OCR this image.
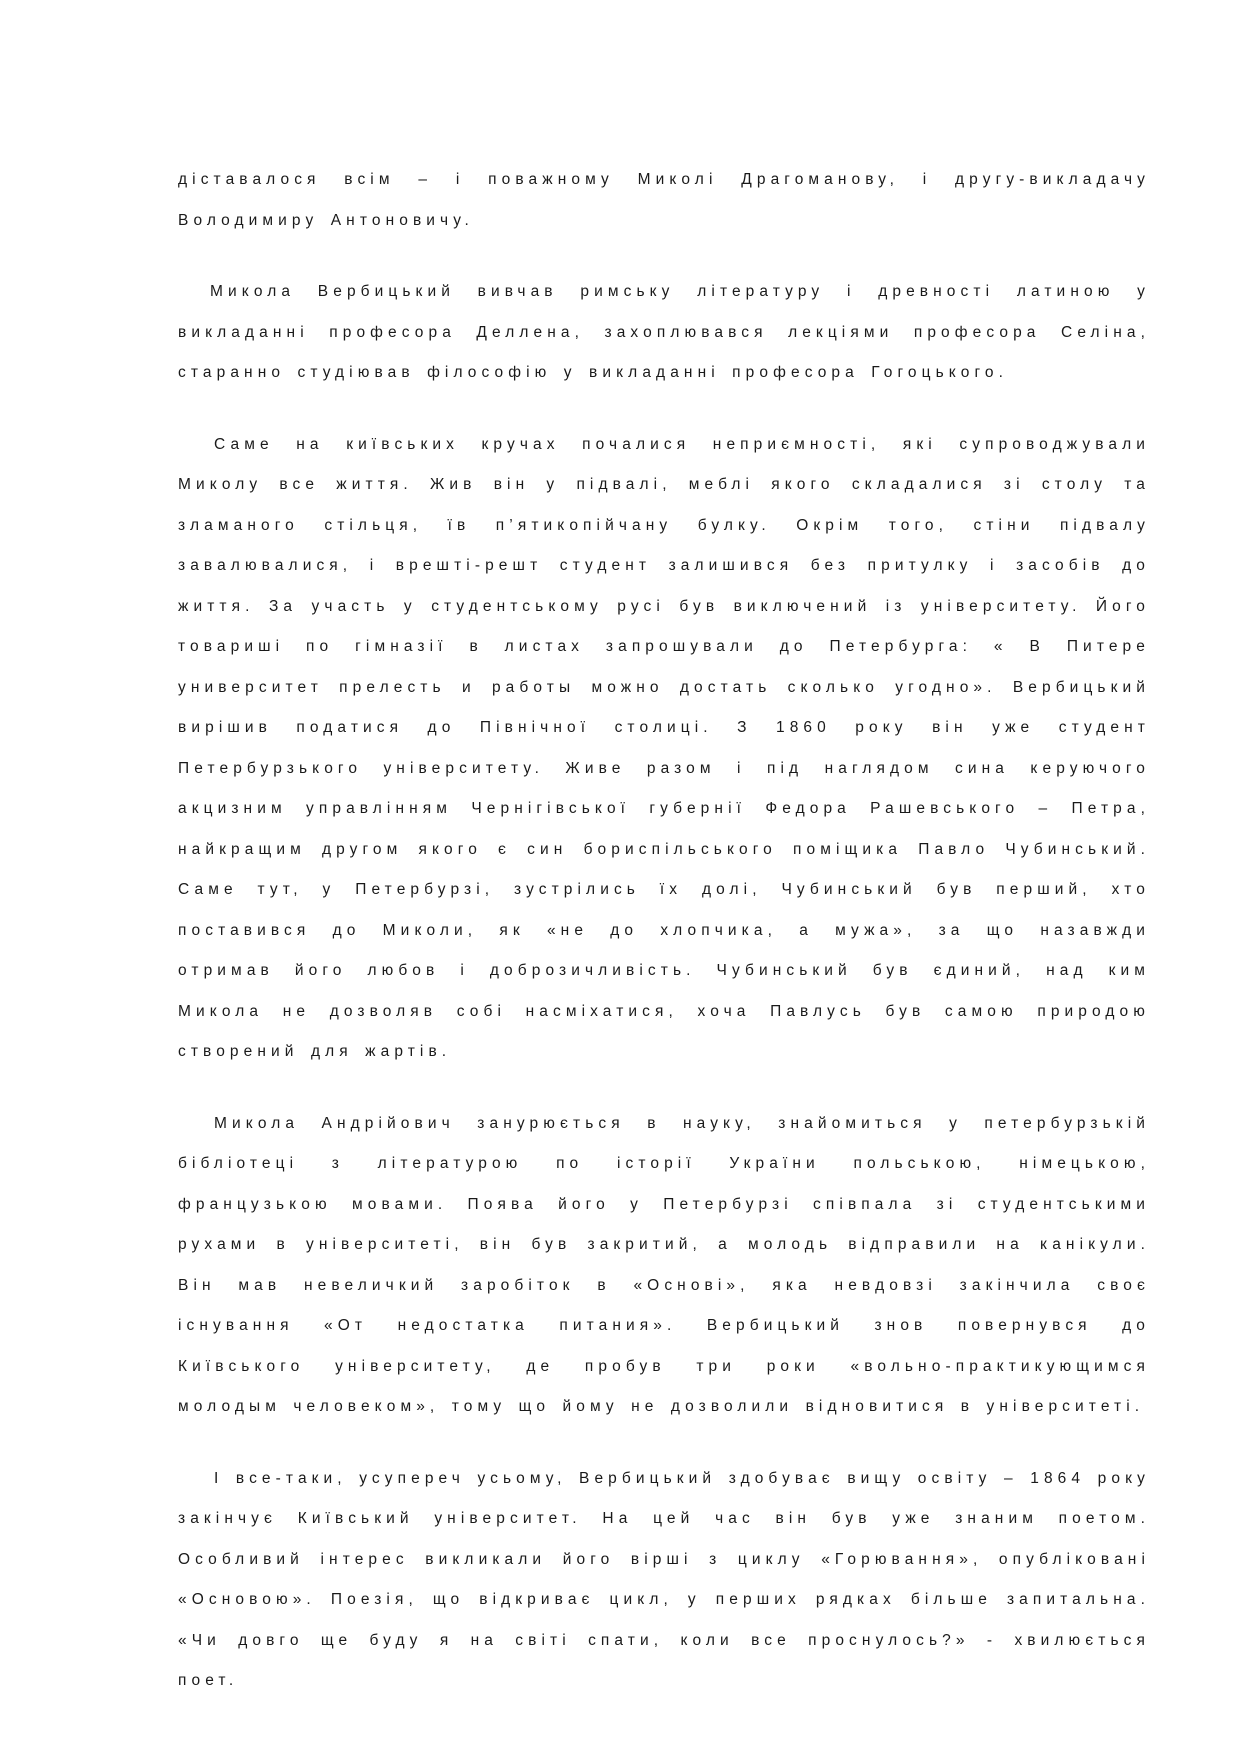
діставалося всім – і поважному Миколі Драгоманову, і другу-викладачу Володимиру Антоновичу.

Микола Вербицький вивчав римську літературу і древності латиною у викладанні професора Деллена, захоплювався лекціями професора Селіна, старанно студіював філософію у викладанні професора Гогоцького.

Саме на київських кручах почалися неприємності, які супроводжували Миколу все життя. Жив він у підвалі, меблі якого складалися зі столу та зламаного стільця, їв п’ятикопійчану булку. Окрім того, стіни підвалу завалювалися, і врешті-решт студент залишився без притулку і засобів до життя. За участь у студентському русі був виключений із університету. Його товариші по гімназії в листах запрошували до Петербурга: « В Питере университет прелесть и работы можно достать сколько угодно». Вербицький вирішив податися до Північної столиці. З 1860 року він уже студент Петербурзького університету. Живе разом і під наглядом сина керуючого акцизним управлінням Чернігівської губернії Федора Рашевського – Петра, найкращим другом якого є син бориспільського поміщика Павло Чубинський. Саме тут, у Петербурзі, зустрілись їх долі, Чубинський був перший, хто поставився до Миколи, як «не до хлопчика, а мужа», за що назавжди отримав його любов і доброзичливість. Чубинський був єдиний, над ким Микола не дозволяв собі насміхатися, хоча Павлусь був самою природою створений для жартів.

Микола Андрійович занурюється в науку, знайомиться у петербурзькій бібліотеці з літературою по історії України польською, німецькою, французькою мовами. Поява його у Петербурзі співпала зі студентськими рухами в університеті, він був закритий, а молодь відправили на канікули. Він мав невеличкий заробіток в «Основі», яка невдовзі закінчила своє існування «От недостатка питания». Вербицький знов повернувся до Київського університету, де пробув три роки «вольно-практикующимся молодым человеком», тому що йому не дозволили відновитися в університеті.

І все-таки, усупереч усьому, Вербицький здобуває вищу освіту – 1864 року закінчує Київський університет. На цей час він був уже знаним поетом. Особливий інтерес викликали його вірші з циклу «Горювання», опубліковані «Основою». Поезія, що відкриває цикл, у перших рядках більше запитальна. «Чи довго ще буду я на світі спати, коли все проснулось?» - хвилюється поет.
